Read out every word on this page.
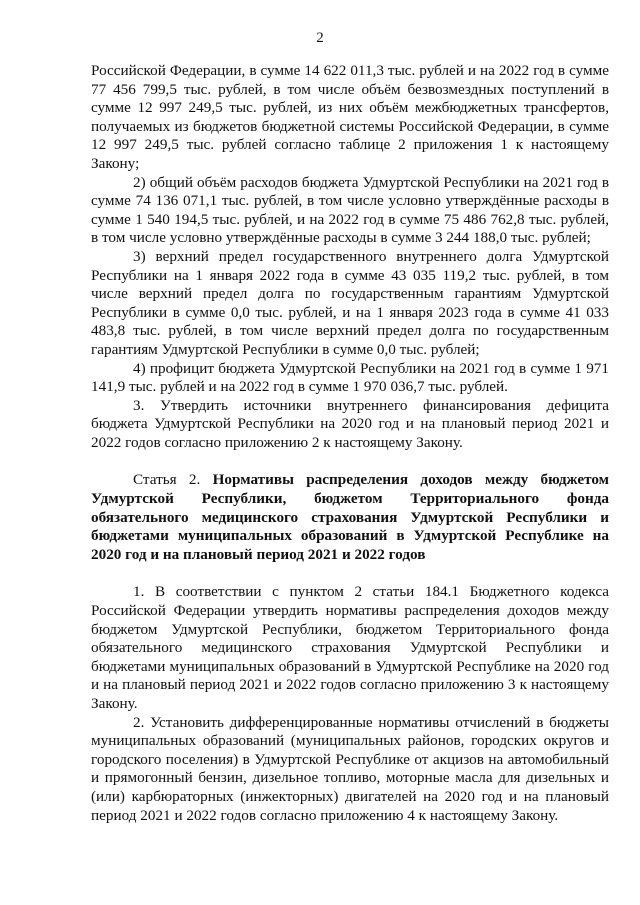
2

Российской Федерации, в сумме 14 622 011,3 тыс. рублей и на 2022 год в сумме 77 456 799,5 тыс. рублей, в том числе объём безвозмездных поступлений в сумме 12 997 249,5 тыс. рублей, из них объём межбюджетных трансфертов, получаемых из бюджетов бюджетной системы Российской Федерации, в сумме 12 997 249,5 тыс. рублей согласно таблице 2 приложения 1 к настоящему Закону;

2) общий объём расходов бюджета Удмуртской Республики на 2021 год в сумме 74 136 071,1 тыс. рублей, в том числе условно утверждённые расходы в сумме 1 540 194,5 тыс. рублей, и на 2022 год в сумме 75 486 762,8 тыс. рублей, в том числе условно утверждённые расходы в сумме 3 244 188,0 тыс. рублей;

3) верхний предел государственного внутреннего долга Удмуртской Республики на 1 января 2022 года в сумме 43 035 119,2 тыс. рублей, в том числе верхний предел долга по государственным гарантиям Удмуртской Республики в сумме 0,0 тыс. рублей, и на 1 января 2023 года в сумме 41 033 483,8 тыс. рублей, в том числе верхний предел долга по государственным гарантиям Удмуртской Республики в сумме 0,0 тыс. рублей;

4) профицит бюджета Удмуртской Республики на 2021 год в сумме 1 971 141,9 тыс. рублей и на 2022 год в сумме 1 970 036,7 тыс. рублей.

3. Утвердить источники внутреннего финансирования дефицита бюджета Удмуртской Республики на 2020 год и на плановый период 2021 и 2022 годов согласно приложению 2 к настоящему Закону.

Статья 2. Нормативы распределения доходов между бюджетом Удмуртской Республики, бюджетом Территориального фонда обязательного медицинского страхования Удмуртской Республики и бюджетами муниципальных образований в Удмуртской Республике на 2020 год и на плановый период 2021 и 2022 годов

1. В соответствии с пунктом 2 статьи 184.1 Бюджетного кодекса Российской Федерации утвердить нормативы распределения доходов между бюджетом Удмуртской Республики, бюджетом Территориального фонда обязательного медицинского страхования Удмуртской Республики и бюджетами муниципальных образований в Удмуртской Республике на 2020 год и на плановый период 2021 и 2022 годов согласно приложению 3 к настоящему Закону.

2. Установить дифференцированные нормативы отчислений в бюджеты муниципальных образований (муниципальных районов, городских округов и городского поселения) в Удмуртской Республике от акцизов на автомобильный и прямогонный бензин, дизельное топливо, моторные масла для дизельных и (или) карбюраторных (инжекторных) двигателей на 2020 год и на плановый период 2021 и 2022 годов согласно приложению 4 к настоящему Закону.
